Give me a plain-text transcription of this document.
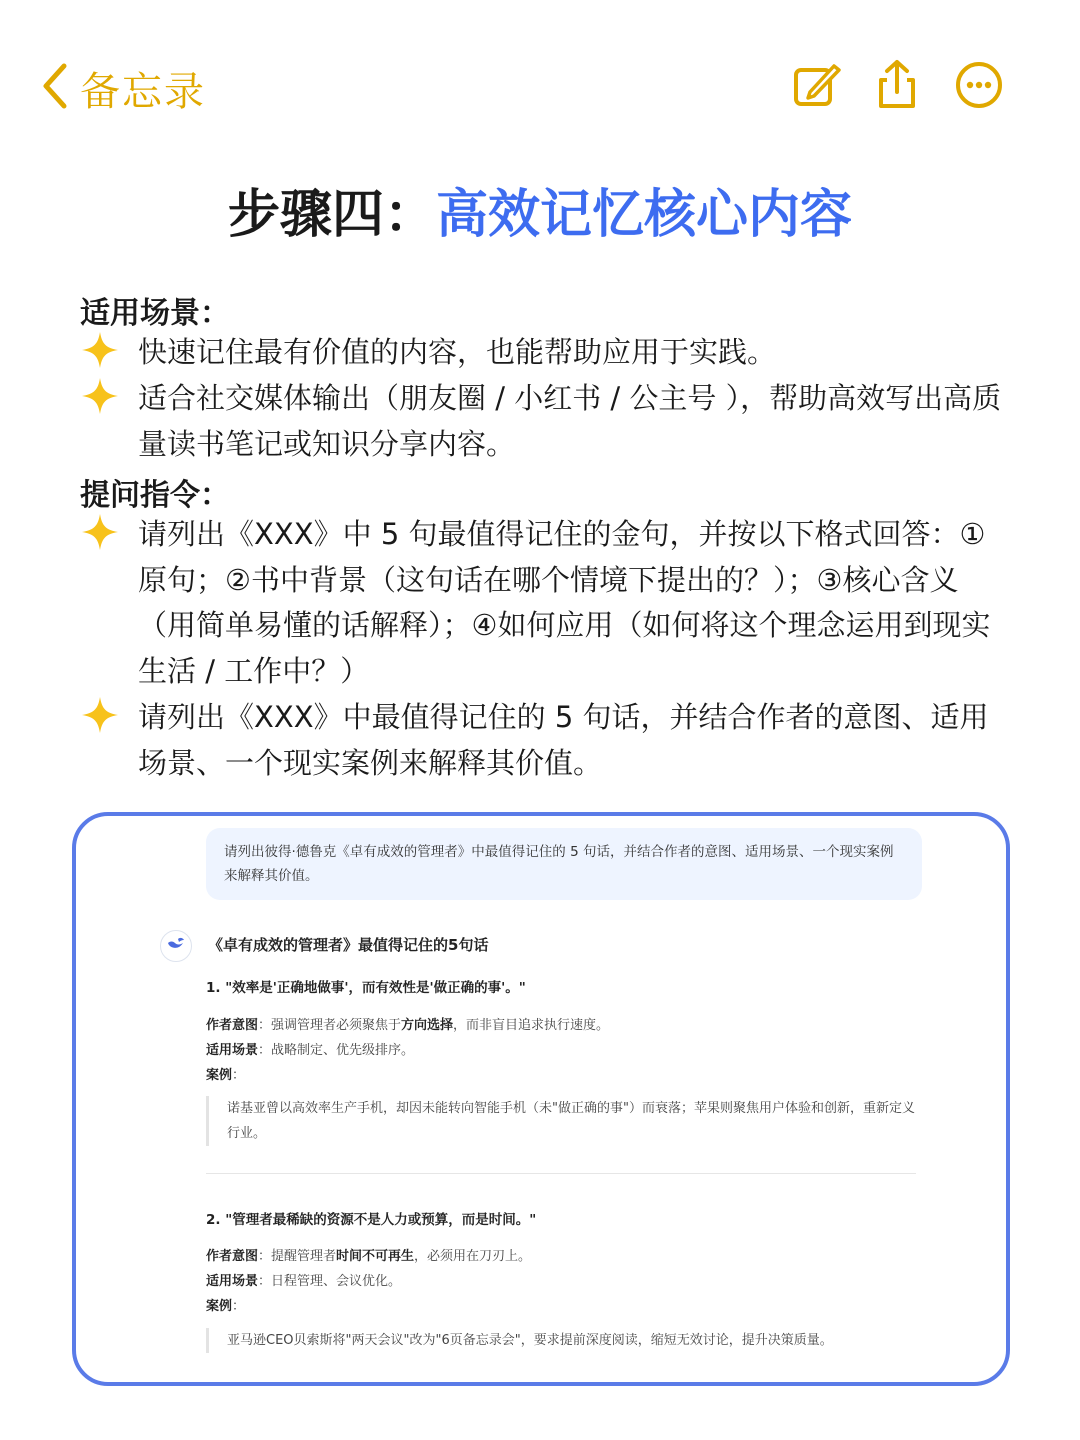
备忘录
步骤四：高效记忆核心内容
适用场景：
快速记住最有价值的内容，也能帮助应用于实践。
适合社交媒体输出（朋友圈 / 小红书 / 公主号 ），帮助高效写出高质量读书笔记或知识分享内容。
提问指令：
请列出《XXX》中 5 句最值得记住的金句，并按以下格式回答：①原句；②书中背景（这句话在哪个情境下提出的？）；③核心含义（用简单易懂的话解释）；④如何应用（如何将这个理念运用到现实生活 / 工作中？）
请列出《XXX》中最值得记住的 5 句话，并结合作者的意图、适用场景、一个现实案例来解释其价值。
请列出彼得·德鲁克《卓有成效的管理者》中最值得记住的 5 句话，并结合作者的意图、适用场景、一个现实案例来解释其价值。
《卓有成效的管理者》最值得记住的5句话
1. "效率是'正确地做事'，而有效性是'做正确的事'。"
作者意图：强调管理者必须聚焦于方向选择，而非盲目追求执行速度。
适用场景：战略制定、优先级排序。
案例：
诺基亚曾以高效率生产手机，却因未能转向智能手机（未"做正确的事"）而衰落；苹果则聚焦用户体验和创新，重新定义行业。
2. "管理者最稀缺的资源不是人力或预算，而是时间。"
作者意图：提醒管理者时间不可再生，必须用在刀刃上。
适用场景：日程管理、会议优化。
案例：
亚马逊CEO贝索斯将"两天会议"改为"6页备忘录会"，要求提前深度阅读，缩短无效讨论，提升决策质量。
